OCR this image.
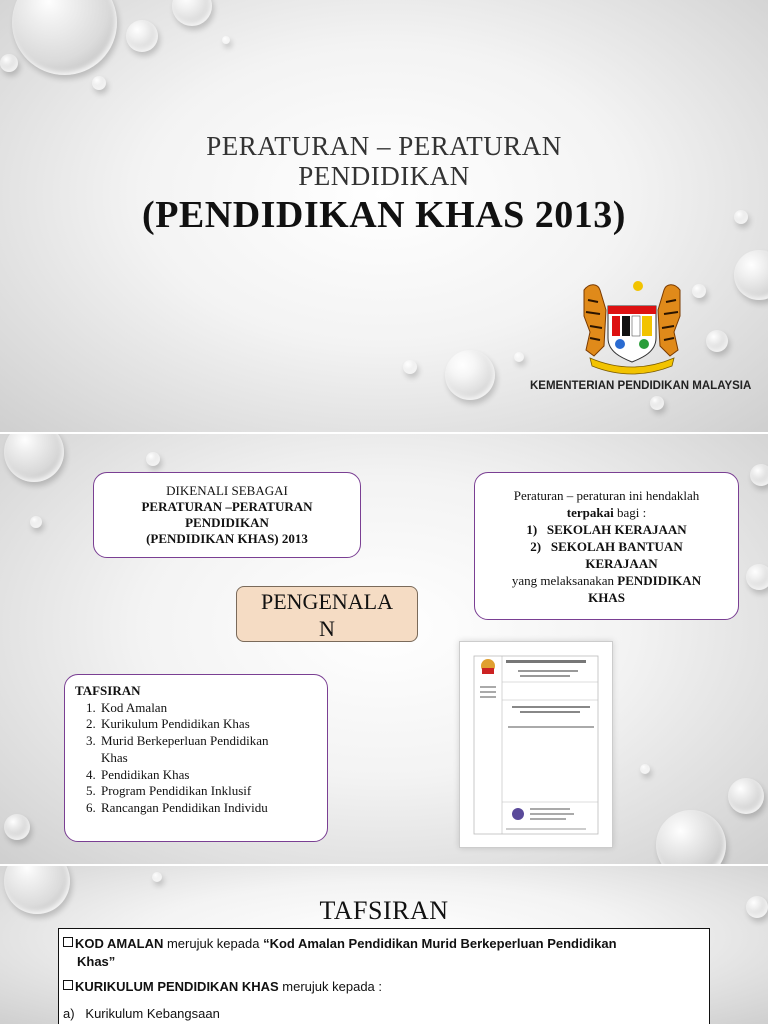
PERATURAN – PERATURAN
PENDIDIKAN
(PENDIDIKAN KHAS 2013)
KEMENTERIAN PENDIDIKAN MALAYSIA
DIKENALI SEBAGAI
PERATURAN –PERATURAN
PENDIDIKAN
(PENDIDIKAN KHAS) 2013
Peraturan – peraturan ini hendaklah
terpakai bagi :
1) SEKOLAH KERAJAAN
2) SEKOLAH BANTUAN
KERAJAAN
yang melaksanakan PENDIDIKAN
KHAS
PENGENALA
N
TAFSIRAN
1. Kod Amalan
2. Kurikulum Pendidikan Khas
3. Murid Berkeperluan Pendidikan
Khas
4. Pendidikan Khas
5. Program Pendidikan Inklusif
6. Rancangan Pendidikan Individu
TAFSIRAN
KOD AMALAN merujuk kepada “Kod Amalan Pendidikan Murid Berkeperluan Pendidikan
Khas”
KURIKULUM PENDIDIKAN KHAS merujuk kepada :
a) Kurikulum Kebangsaan
